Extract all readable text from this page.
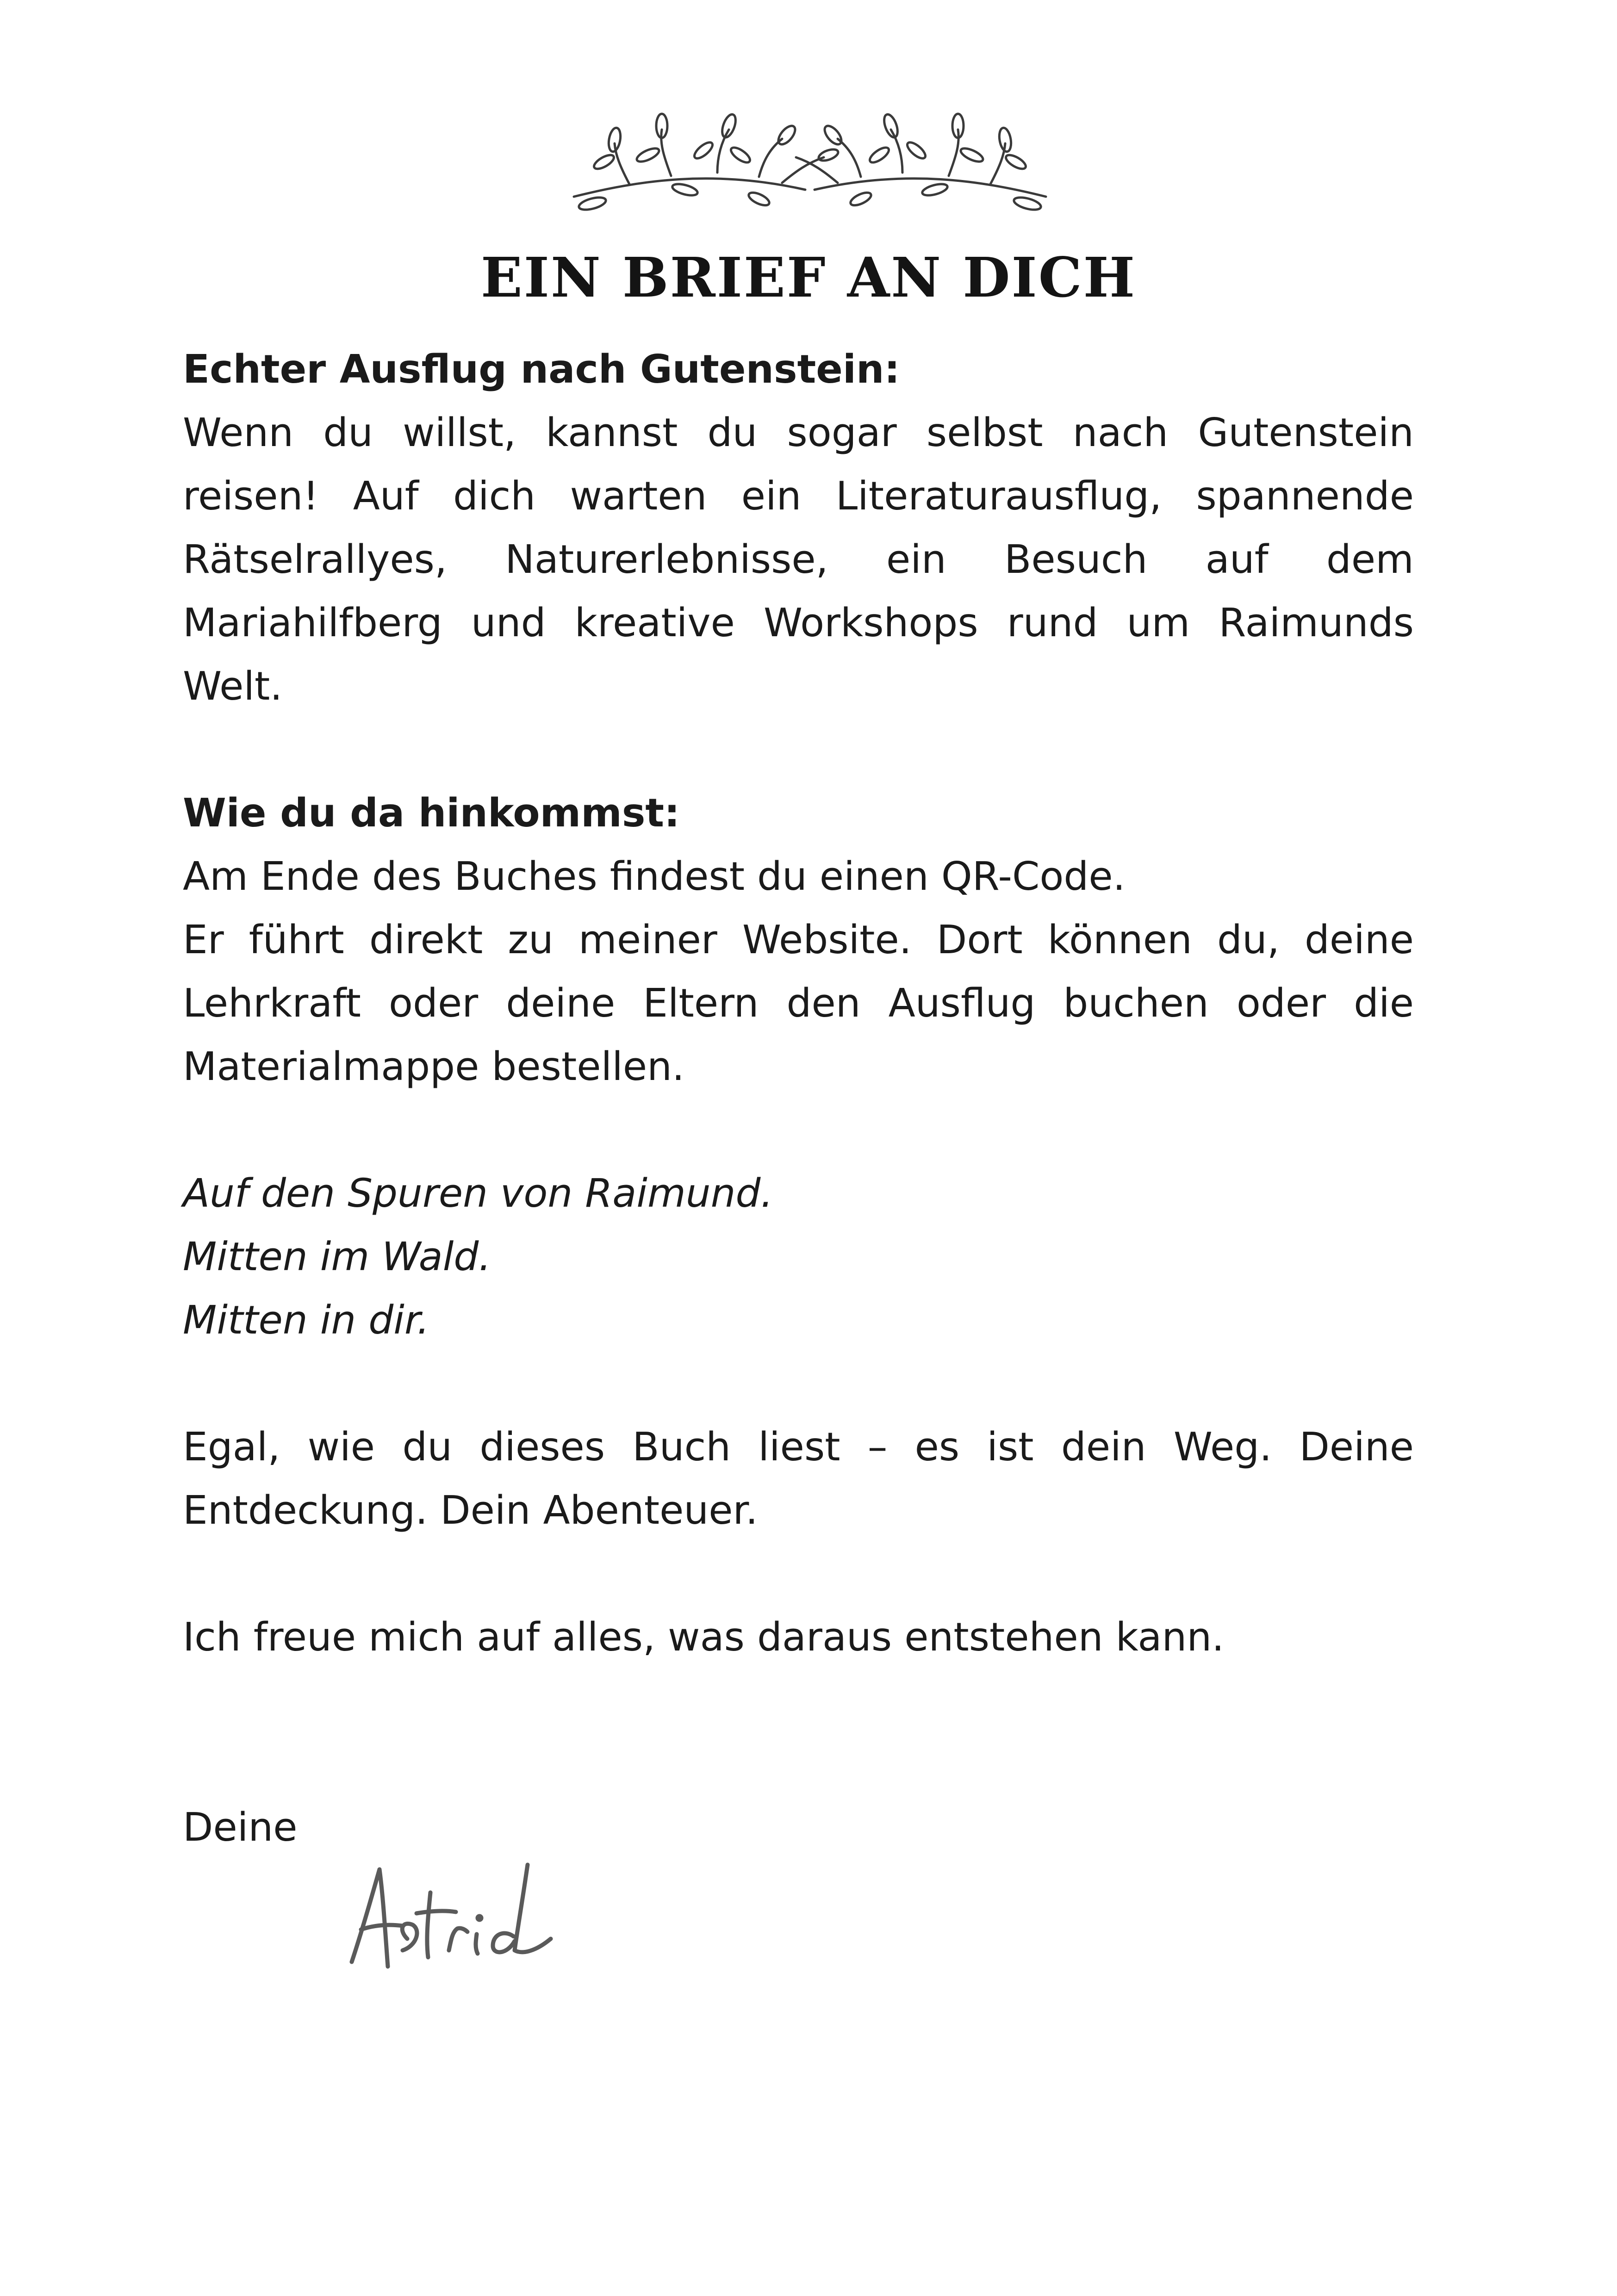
EIN BRIEF AN DICH

Echter Ausflug nach Gutenstein:

Wenn du willst, kannst du sogar selbst nach Gutenstein reisen! Auf dich warten ein Literaturausflug, spannende Rätselrallyes, Naturerlebnisse, ein Besuch auf dem Mariahilfberg und kreative Workshops rund um Raimunds Welt.

Wie du da hinkommst:

Am Ende des Buches findest du einen QR-Code.

Er führt direkt zu meiner Website. Dort können du, deine Lehrkraft oder deine Eltern den Ausflug buchen oder die Materialmappe bestellen.

Auf den Spuren von Raimund.

Mitten im Wald.

Mitten in dir.

Egal, wie du dieses Buch liest – es ist dein Weg. Deine Entdeckung. Dein Abenteuer.

Ich freue mich auf alles, was daraus entstehen kann.

Deine
